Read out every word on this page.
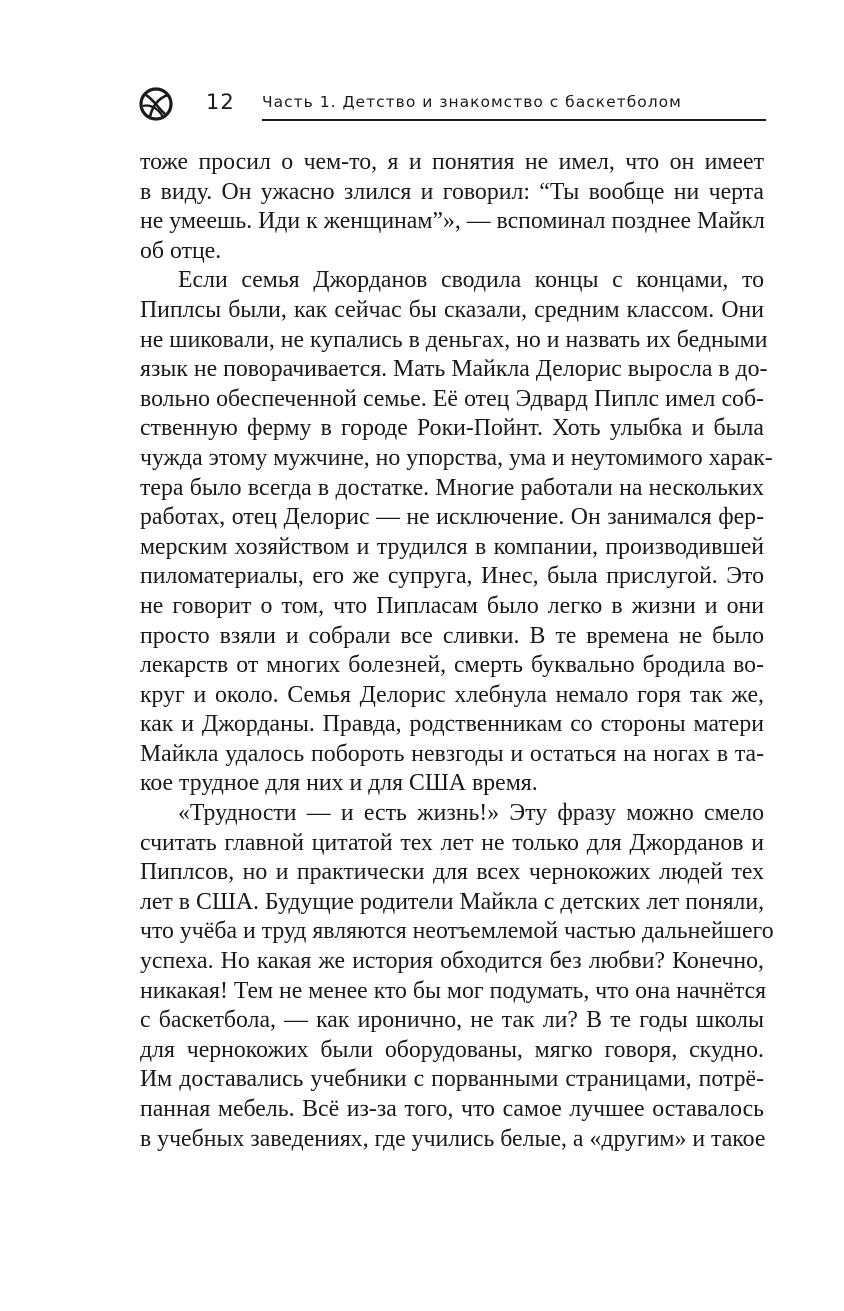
12 Часть 1. Детство и знакомство с баскетболом

тоже просил о чем-то, я и понятия не имел, что он имеет
в виду. Он ужасно злился и говорил: “Ты вообще ни черта
не умеешь. Иди к женщинам”», — вспоминал позднее Майкл
об отце.

Если семья Джорданов сводила концы с концами, то
Пиплсы были, как сейчас бы сказали, средним классом. Они
не шиковали, не купались в деньгах, но и назвать их бедными
язык не поворачивается. Мать Майкла Делорис выросла в до-
вольно обеспеченной семье. Её отец Эдвард Пиплс имел соб-
ственную ферму в городе Роки-Пойнт. Хоть улыбка и была
чужда этому мужчине, но упорства, ума и неутомимого харак-
тера было всегда в достатке. Многие работали на нескольких
работах, отец Делорис — не исключение. Он занимался фер-
мерским хозяйством и трудился в компании, производившей
пиломатериалы, его же супруга, Инес, была прислугой. Это
не говорит о том, что Пипласам было легко в жизни и они
просто взяли и собрали все сливки. В те времена не было
лекарств от многих болезней, смерть буквально бродила во-
круг и около. Семья Делорис хлебнула немало горя так же,
как и Джорданы. Правда, родственникам со стороны матери
Майкла удалось побороть невзгоды и остаться на ногах в та-
кое трудное для них и для США время.

«Трудности — и есть жизнь!» Эту фразу можно смело
считать главной цитатой тех лет не только для Джорданов и
Пиплсов, но и практически для всех чернокожих людей тех
лет в США. Будущие родители Майкла с детских лет поняли,
что учёба и труд являются неотъемлемой частью дальнейшего
успеха. Но какая же история обходится без любви? Конечно,
никакая! Тем не менее кто бы мог подумать, что она начнётся
с баскетбола, — как иронично, не так ли? В те годы школы
для чернокожих были оборудованы, мягко говоря, скудно.
Им доставались учебники с порванными страницами, потрё-
панная мебель. Всё из-за того, что самое лучшее оставалось
в учебных заведениях, где учились белые, а «другим» и такое
